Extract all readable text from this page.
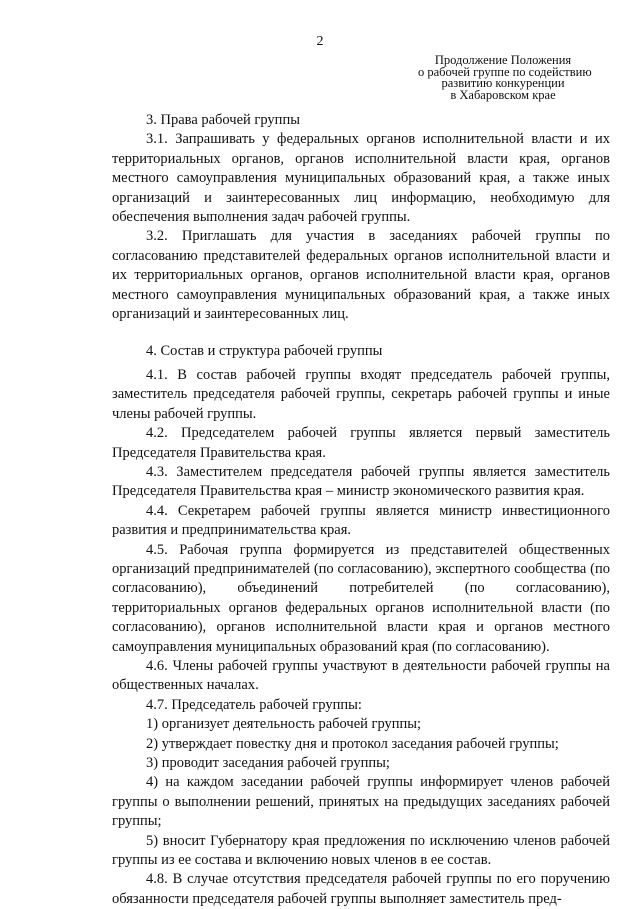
2
Продолжение Положения
о рабочей группе по содействию
развитию конкуренции
в Хабаровском крае

3. Права рабочей группы

3.1. Запрашивать у федеральных органов исполнительной власти и их территориальных органов, органов исполнительной власти края, органов местного самоуправления муниципальных образований края, а также иных организаций и заинтересованных лиц информацию, необходимую для обеспечения выполнения задач рабочей группы.

3.2. Приглашать для участия в заседаниях рабочей группы по согласованию представителей федеральных органов исполнительной власти и их территориальных органов, органов исполнительной власти края, органов местного самоуправления муниципальных образований края, а также иных организаций и заинтересованных лиц.

4. Состав и структура рабочей группы

4.1. В состав рабочей группы входят председатель рабочей группы, заместитель председателя рабочей группы, секретарь рабочей группы и иные члены рабочей группы.

4.2. Председателем рабочей группы является первый заместитель Председателя Правительства края.

4.3. Заместителем председателя рабочей группы является заместитель Председателя Правительства края – министр экономического развития края.

4.4. Секретарем рабочей группы является министр инвестиционного развития и предпринимательства края.

4.5. Рабочая группа формируется из представителей общественных организаций предпринимателей (по согласованию), экспертного сообщества (по согласованию), объединений потребителей (по согласованию), территориальных органов федеральных органов исполнительной власти (по согласованию), органов исполнительной власти края и органов местного самоуправления муниципальных образований края (по согласованию).

4.6. Члены рабочей группы участвуют в деятельности рабочей группы на общественных началах.

4.7. Председатель рабочей группы:

1) организует деятельность рабочей группы;

2) утверждает повестку дня и протокол заседания рабочей группы;

3) проводит заседания рабочей группы;

4) на каждом заседании рабочей группы информирует членов рабочей группы о выполнении решений, принятых на предыдущих заседаниях рабочей группы;

5) вносит Губернатору края предложения по исключению членов рабочей группы из ее состава и включению новых членов в ее состав.

4.8. В случае отсутствия председателя рабочей группы по его поручению обязанности председателя рабочей группы выполняет заместитель пред-
